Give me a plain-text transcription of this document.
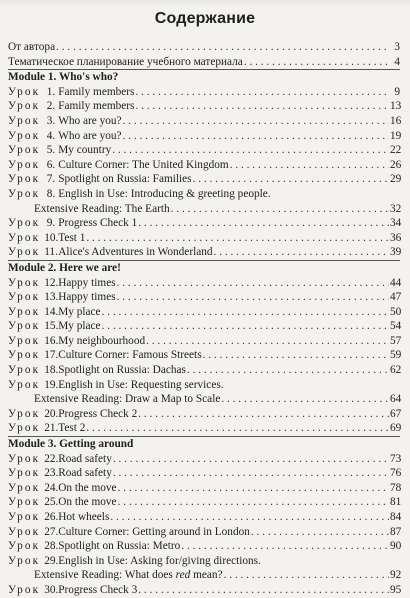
Содержание
От автора . . .	3
Тематическое планирование учебного материала . . .	4
Module 1. Who's who?
Урок 1. Family members . . .	9
Урок 2. Family members . . .	13
Урок 3. Who are you? . . .	16
Урок 4. Who are you? . . .	19
Урок 5. My country . . .	22
Урок 6. Culture Corner: The United Kingdom . . .	26
Урок 7. Spotlight on Russia: Families . . .	29
Урок 8. English in Use: Introducing & greeting people.
Extensive Reading: The Earth . . .	32
Урок 9. Progress Check 1 . . .	34
Урок 10. Test 1 . . .	36
Урок 11. Alice's Adventures in Wonderland . . .	39
Module 2. Here we are!
Урок 12. Happy times . . .	44
Урок 13. Happy times . . .	47
Урок 14. My place . . .	50
Урок 15. My place . . .	54
Урок 16. My neighbourhood . . .	57
Урок 17. Culture Corner: Famous Streets . . .	59
Урок 18. Spotlight on Russia: Dachas . . .	62
Урок 19. English in Use: Requesting services.
Extensive Reading: Draw a Map to Scale . . .	64
Урок 20. Progress Check 2 . . .	67
Урок 21. Test 2 . . .	69
Module 3. Getting around
Урок 22. Road safety . . .	73
Урок 23. Road safety . . .	76
Урок 24. On the move . . .	78
Урок 25. On the move . . .	81
Урок 26. Hot wheels . . .	84
Урок 27. Culture Corner: Getting around in London . . .	87
Урок 28. Spotlight on Russia: Metro . . .	90
Урок 29. English in Use: Asking for/giving directions.
Extensive Reading: What does red mean? . . .	92
Урок 30. Progress Check 3 . . .	95
